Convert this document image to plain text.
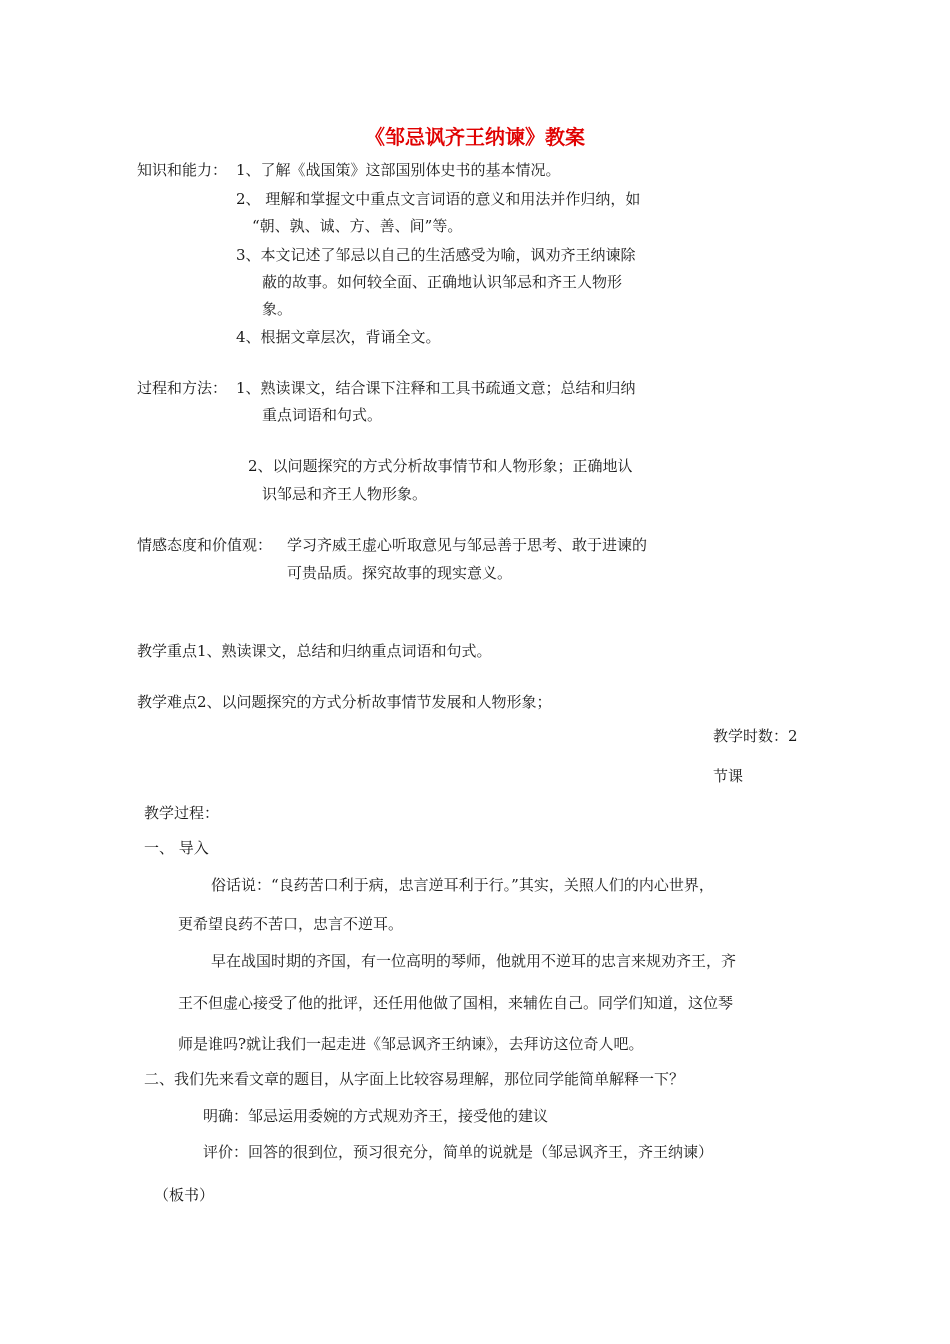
《邹忌讽齐王纳谏》教案
知识和能力： 1、了解《战国策》这部国别体史书的基本情况。
2、 理解和掌握文中重点文言词语的意义和用法并作归纳，如
“朝、孰、诚、方、善、间”等。
3、本文记述了邹忌以自己的生活感受为喻，讽劝齐王纳谏除
蔽的故事。如何较全面、正确地认识邹忌和齐王人物形
象。
4、根据文章层次，背诵全文。
过程和方法： 1、熟读课文，结合课下注释和工具书疏通文意；总结和归纳
重点词语和句式。
2、以问题探究的方式分析故事情节和人物形象；正确地认
识邹忌和齐王人物形象。
情感态度和价值观： 学习齐威王虚心听取意见与邹忌善于思考、敢于进谏的
可贵品质。探究故事的现实意义。
教学重点1、熟读课文，总结和归纳重点词语和句式。
教学难点2、以问题探究的方式分析故事情节发展和人物形象；
教学时数：2
节课
教学过程：
一、 导入
俗话说：“良药苦口利于病，忠言逆耳利于行。”其实，关照人们的内心世界，
更希望良药不苦口，忠言不逆耳。
早在战国时期的齐国，有一位高明的琴师，他就用不逆耳的忠言来规劝齐王，齐
王不但虚心接受了他的批评，还任用他做了国相，来辅佐自己。同学们知道，这位琴
师是谁吗?就让我们一起走进《邹忌讽齐王纳谏》，去拜访这位奇人吧。
二、我们先来看文章的题目，从字面上比较容易理解，那位同学能简单解释一下？
明确：邹忌运用委婉的方式规劝齐王，接受他的建议
评价：回答的很到位，预习很充分，简单的说就是（邹忌讽齐王，齐王纳谏）
（板书）
